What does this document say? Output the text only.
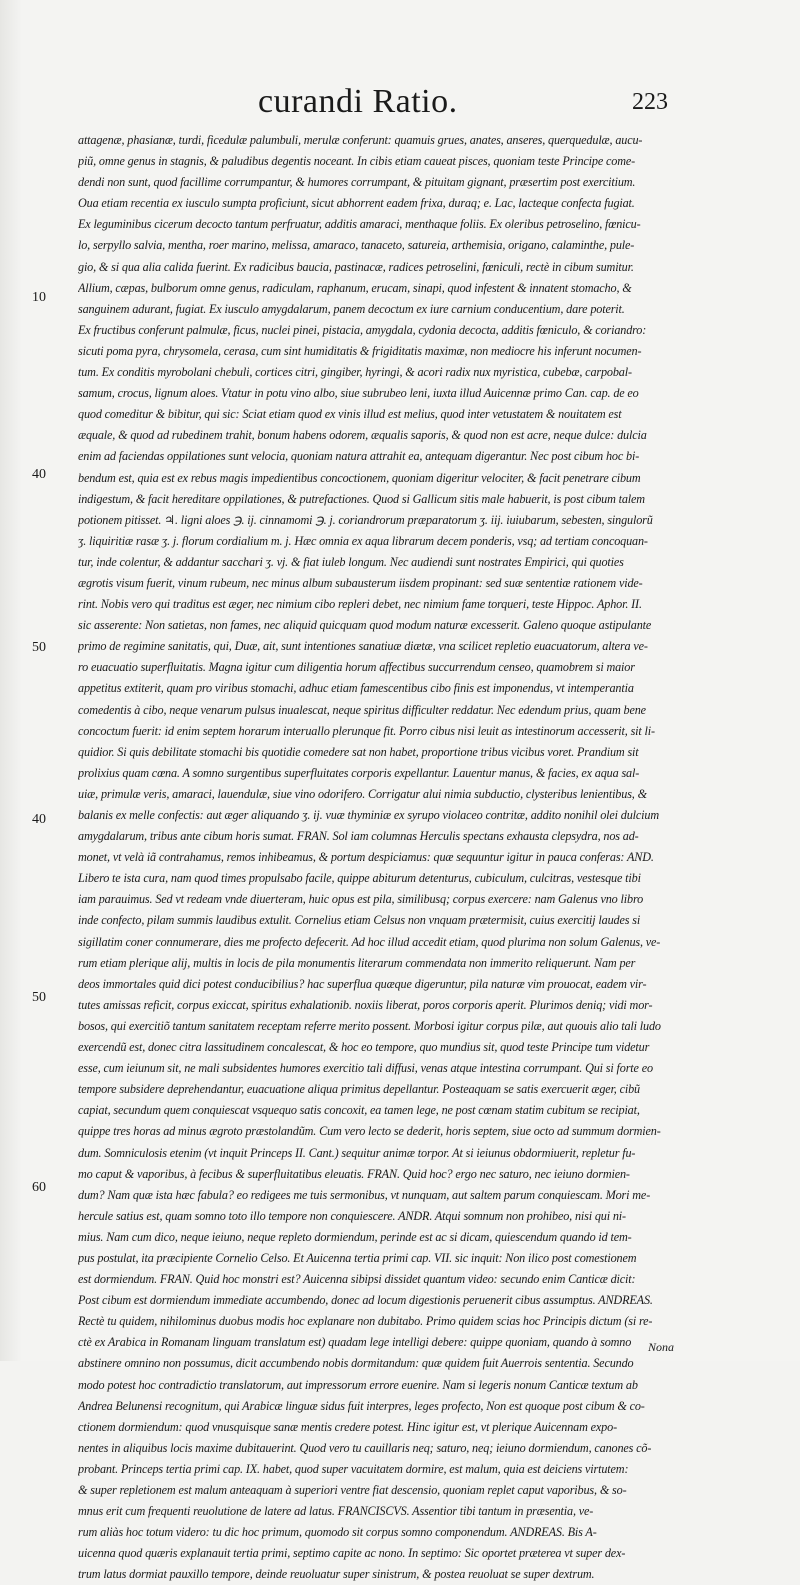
curandi Ratio.	223
10
40
50
40
50
60
attagenæ, phasianæ, turdi, ficedulæ palumbuli, merulæ conferunt: quamuis grues, anates, anseres, querquedulæ, aucu-
piũ, omne genus in stagnis, & paludibus degentis noceant. In cibis etiam caueat pisces, quoniam teste Principe come-
dendi non sunt, quod facillime corrumpantur, & humores corrumpant, & pituitam gignant, præsertim post exercitium.
Oua etiam recentia ex iusculo sumpta proficiunt, sicut abhorrent eadem frixa, duraq; e. Lac, lacteque confecta fugiat.
Ex leguminibus cicerum decocto tantum perfruatur, additis amaraci, menthaque foliis. Ex oleribus petroselino, fœnicu-
lo, serpyllo salvia, mentha, roer marino, melissa, amaraco, tanaceto, satureia, arthemisia, origano, calaminthe, pule-
gio, & si qua alia calida fuerint. Ex radicibus baucia, pastinacæ, radices petroselini, fœniculi, rectè in cibum sumitur.
Allium, cæpas, bulborum omne genus, radiculam, raphanum, erucam, sinapi, quod infestent & innatent stomacho, &
sanguinem adurant, fugiat. Ex iusculo amygdalarum, panem decoctum ex iure carnium conducentium, dare poterit.
Ex fructibus conferunt palmulæ, ficus, nuclei pinei, pistacia, amygdala, cydonia decocta, additis fœniculo, & coriandro:
sicuti poma pyra, chrysomela, cerasa, cum sint humiditatis & frigiditatis maximæ, non mediocre his inferunt nocumen-
tum. Ex conditis myrobolani chebuli, cortices citri, gingiber, hyringi, & acori radix nux myristica, cubebæ, carpobal-
samum, crocus, lignum aloes. Vtatur in potu vino albo, siue subrubeo leni, iuxta illud Auicennæ primo Can. cap. de eo
quod comeditur & bibitur, qui sic: Sciat etiam quod ex vinis illud est melius, quod inter vetustatem & nouitatem est
æquale, & quod ad rubedinem trahit, bonum habens odorem, æqualis saporis, & quod non est acre, neque dulce: dulcia
enim ad faciendas oppilationes sunt velocia, quoniam natura attrahit ea, antequam digerantur. Nec post cibum hoc bi-
bendum est, quia est ex rebus magis impedientibus concoctionem, quoniam digeritur velociter, & facit penetrare cibum
indigestum, & facit hereditare oppilationes, & putrefactiones. Quod si Gallicum sitis male habuerit, is post cibum talem
potionem pitisset. ♃. ligni aloes ℈. ij. cinnamomi ℈. j. coriandrorum præparatorum ʒ. iij. iuiubarum, sebesten, singulorũ
ʒ. liquiritiæ rasæ ʒ. j. florum cordialium m. j. Hæc omnia ex aqua librarum decem ponderis, vsq; ad tertiam concoquan-
tur, inde colentur, & addantur sacchari ʒ. vj. & fiat iuleb longum. Nec audiendi sunt nostrates Empirici, qui quoties
ægrotis visum fuerit, vinum rubeum, nec minus album subausterum iisdem propinant: sed suæ sententiæ rationem vide-
rint. Nobis vero qui traditus est æger, nec nimium cibo repleri debet, nec nimium fame torqueri, teste Hippoc. Aphor. II.
sic asserente: Non satietas, non fames, nec aliquid quicquam quod modum naturæ excesserit. Galeno quoque astipulante
primo de regimine sanitatis, qui, Duæ, ait, sunt intentiones sanatiuæ diætæ, vna scilicet repletio euacuatorum, altera ve-
ro euacuatio superfluitatis. Magna igitur cum diligentia horum affectibus succurrendum censeo, quamobrem si maior
appetitus extiterit, quam pro viribus stomachi, adhuc etiam famescentibus cibo finis est imponendus, vt intemperantia
comedentis à cibo, neque venarum pulsus inualescat, neque spiritus difficulter reddatur. Nec edendum prius, quam bene
concoctum fuerit: id enim septem horarum interuallo plerunque fit. Porro cibus nisi leuit as intestinorum accesserit, sit li-
quidior. Si quis debilitate stomachi bis quotidie comedere sat non habet, proportione tribus vicibus voret. Prandium sit
prolixius quam cœna. A somno surgentibus superfluitates corporis expellantur. Lauentur manus, & facies, ex aqua sal-
uiæ, primulæ veris, amaraci, lauendulæ, siue vino odorifero. Corrigatur alui nimia subductio, clysteribus lenientibus, &
balanis ex melle confectis: aut æger aliquando ʒ. ij. vuæ thyminiæ ex syrupo violaceo contritæ, addito nonihil olei dulcium
amygdalarum, tribus ante cibum horis sumat. FRAN. Sol iam columnas Herculis spectans exhausta clepsydra, nos ad-
monet, vt velà iã contrahamus, remos inhibeamus, & portum despiciamus: quæ sequuntur igitur in pauca conferas: AND.
Libero te ista cura, nam quod times propulsabo facile, quippe abiturum detenturus, cubiculum, culcitras, vestesque tibi
iam parauimus. Sed vt redeam vnde diuerteram, huic opus est pila, similibusq; corpus exercere: nam Galenus vno libro
inde confecto, pilam summis laudibus extulit. Cornelius etiam Celsus non vnquam prætermisit, cuius exercitij laudes si
sigillatim coner connumerare, dies me profecto defecerit. Ad hoc illud accedit etiam, quod plurima non solum Galenus, ve-
rum etiam plerique alij, multis in locis de pila monumentis literarum commendata non immerito reliquerunt. Nam per
deos immortales quid dici potest conducibilius? hac superflua quæque digeruntur, pila naturæ vim prouocat, eadem vir-
tutes amissas reficit, corpus exiccat, spiritus exhalationib. noxiis liberat, poros corporis aperit. Plurimos deniq; vidi mor-
bosos, qui exercitiõ tantum sanitatem receptam referre merito possent. Morbosi igitur corpus pilæ, aut quouis alio tali ludo
exercendũ est, donec citra lassitudinem concalescat, & hoc eo tempore, quo mundius sit, quod teste Principe tum videtur
esse, cum ieiunum sit, ne mali subsidentes humores exercitio tali diffusi, venas atque intestina corrumpant. Qui si forte eo
tempore subsidere deprehendantur, euacuatione aliqua primitus depellantur. Posteaquam se satis exercuerit æger, cibũ
capiat, secundum quem conquiescat vsquequo satis concoxit, ea tamen lege, ne post cœnam statim cubitum se recipiat,
quippe tres horas ad minus ægroto præstolandũm. Cum vero lecto se dederit, horis septem, siue octo ad summum dormien-
dum. Somniculosis etenim (vt inquit Princeps II. Cant.) sequitur animæ torpor. At si ieiunus obdormiuerit, repletur fu-
mo caput & vaporibus, à fecibus & superfluitatibus eleuatis. FRAN. Quid hoc? ergo nec saturo, nec ieiuno dormien-
dum? Nam quæ ista hæc fabula? eo redigees me tuis sermonibus, vt nunquam, aut saltem parum conquiescam. Mori me-
hercule satius est, quam somno toto illo tempore non conquiescere. ANDR. Atqui somnum non prohibeo, nisi qui ni-
mius. Nam cum dico, neque ieiuno, neque repleto dormiendum, perinde est ac si dicam, quiescendum quando id tem-
pus postulat, ita præcipiente Cornelio Celso. Et Auicenna tertia primi cap. VII. sic inquit: Non ilico post comestionem
est dormiendum. FRAN. Quid hoc monstri est? Auicenna sibipsi dissidet quantum video: secundo enim Canticæ dicit:
Post cibum est dormiendum immediate accumbendo, donec ad locum digestionis peruenerit cibus assumptus. ANDREAS.
Rectè tu quidem, nihilominus duobus modis hoc explanare non dubitabo. Primo quidem scias hoc Principis dictum (si re-
ctè ex Arabica in Romanam linguam translatum est) quadam lege intelligi debere: quippe quoniam, quando à somno
abstinere omnino non possumus, dicit accumbendo nobis dormitandum: quæ quidem fuit Auerrois sententia. Secundo
modo potest hoc contradictio translatorum, aut impressorum errore euenire. Nam si legeris nonum Canticæ textum ab
Andrea Belunensi recognitum, qui Arabicæ linguæ sidus fuit interpres, leges profecto, Non est quoque post cibum & co-
ctionem dormiendum: quod vnusquisque sanæ mentis credere potest. Hinc igitur est, vt plerique Auicennam expo-
nentes in aliquibus locis maxime dubitauerint. Quod vero tu cauillaris neq; saturo, neq; ieiuno dormiendum, canones cõ-
probant. Princeps tertia primi cap. IX. habet, quod super vacuitatem dormire, est malum, quia est deiciens virtutem:
& super repletionem est malum anteaquam à superiori ventre fiat descensio, quoniam replet caput vaporibus, & so-
mnus erit cum frequenti reuolutione de latere ad latus. FRANCISCVS. Assentior tibi tantum in præsentia, ve-
rum aliàs hoc totum videro: tu dic hoc primum, quomodo sit corpus somno componendum. ANDREAS. Bis A-
uicenna quod quæris explanauit tertia primi, septimo capite ac nono. In septimo: Sic oportet præterea vt super dex-
trum latus dormiat pauxillo tempore, deinde reuoluatur super sinistrum, & postea reuoluat se super dextrum.
Nona
